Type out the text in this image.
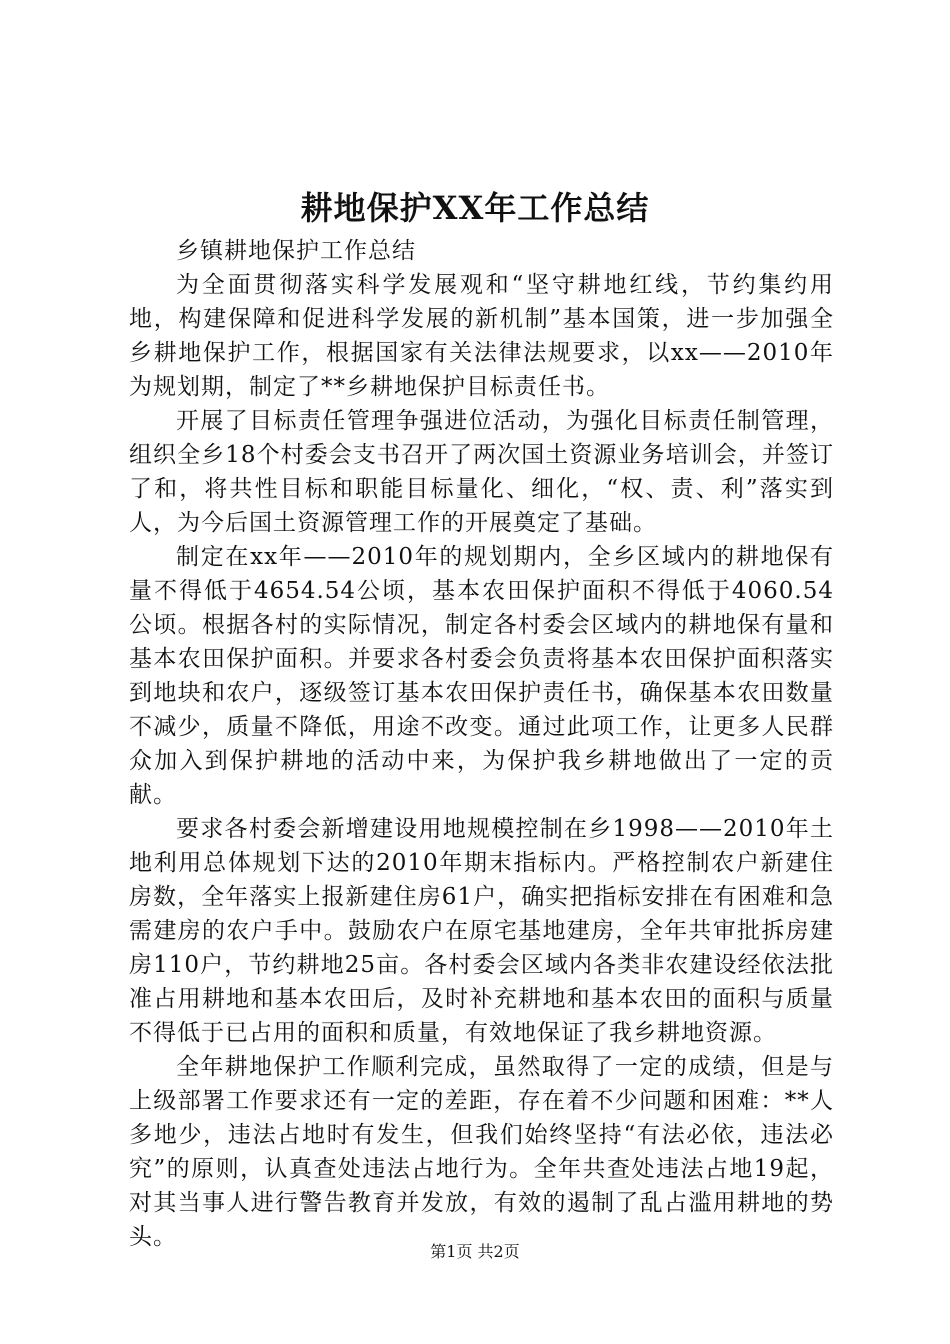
耕地保护XX年工作总结

乡镇耕地保护工作总结

为全面贯彻落实科学发展观和“坚守耕地红线，节约集约用地，构建保障和促进科学发展的新机制”基本国策，进一步加强全乡耕地保护工作，根据国家有关法律法规要求，以xx——2010年为规划期，制定了**乡耕地保护目标责任书。

开展了目标责任管理争强进位活动，为强化目标责任制管理，组织全乡18个村委会支书召开了两次国土资源业务培训会，并签订了和，将共性目标和职能目标量化、细化，“权、责、利”落实到人，为今后国土资源管理工作的开展奠定了基础。

制定在xx年——2010年的规划期内，全乡区域内的耕地保有量不得低于4654.54公顷，基本农田保护面积不得低于4060.54公顷。根据各村的实际情况，制定各村委会区域内的耕地保有量和基本农田保护面积。并要求各村委会负责将基本农田保护面积落实到地块和农户，逐级签订基本农田保护责任书，确保基本农田数量不减少，质量不降低，用途不改变。通过此项工作，让更多人民群众加入到保护耕地的活动中来，为保护我乡耕地做出了一定的贡献。

要求各村委会新增建设用地规模控制在乡1998——2010年土地利用总体规划下达的2010年期末指标内。严格控制农户新建住房数，全年落实上报新建住房61户，确实把指标安排在有困难和急需建房的农户手中。鼓励农户在原宅基地建房，全年共审批拆房建房110户，节约耕地25亩。各村委会区域内各类非农建设经依法批准占用耕地和基本农田后，及时补充耕地和基本农田的面积与质量不得低于已占用的面积和质量，有效地保证了我乡耕地资源。

全年耕地保护工作顺利完成，虽然取得了一定的成绩，但是与上级部署工作要求还有一定的差距，存在着不少问题和困难：**人多地少，违法占地时有发生，但我们始终坚持“有法必依，违法必究”的原则，认真查处违法占地行为。全年共查处违法占地19起，对其当事人进行警告教育并发放，有效的遏制了乱占滥用耕地的势头。

第1页 共2页
